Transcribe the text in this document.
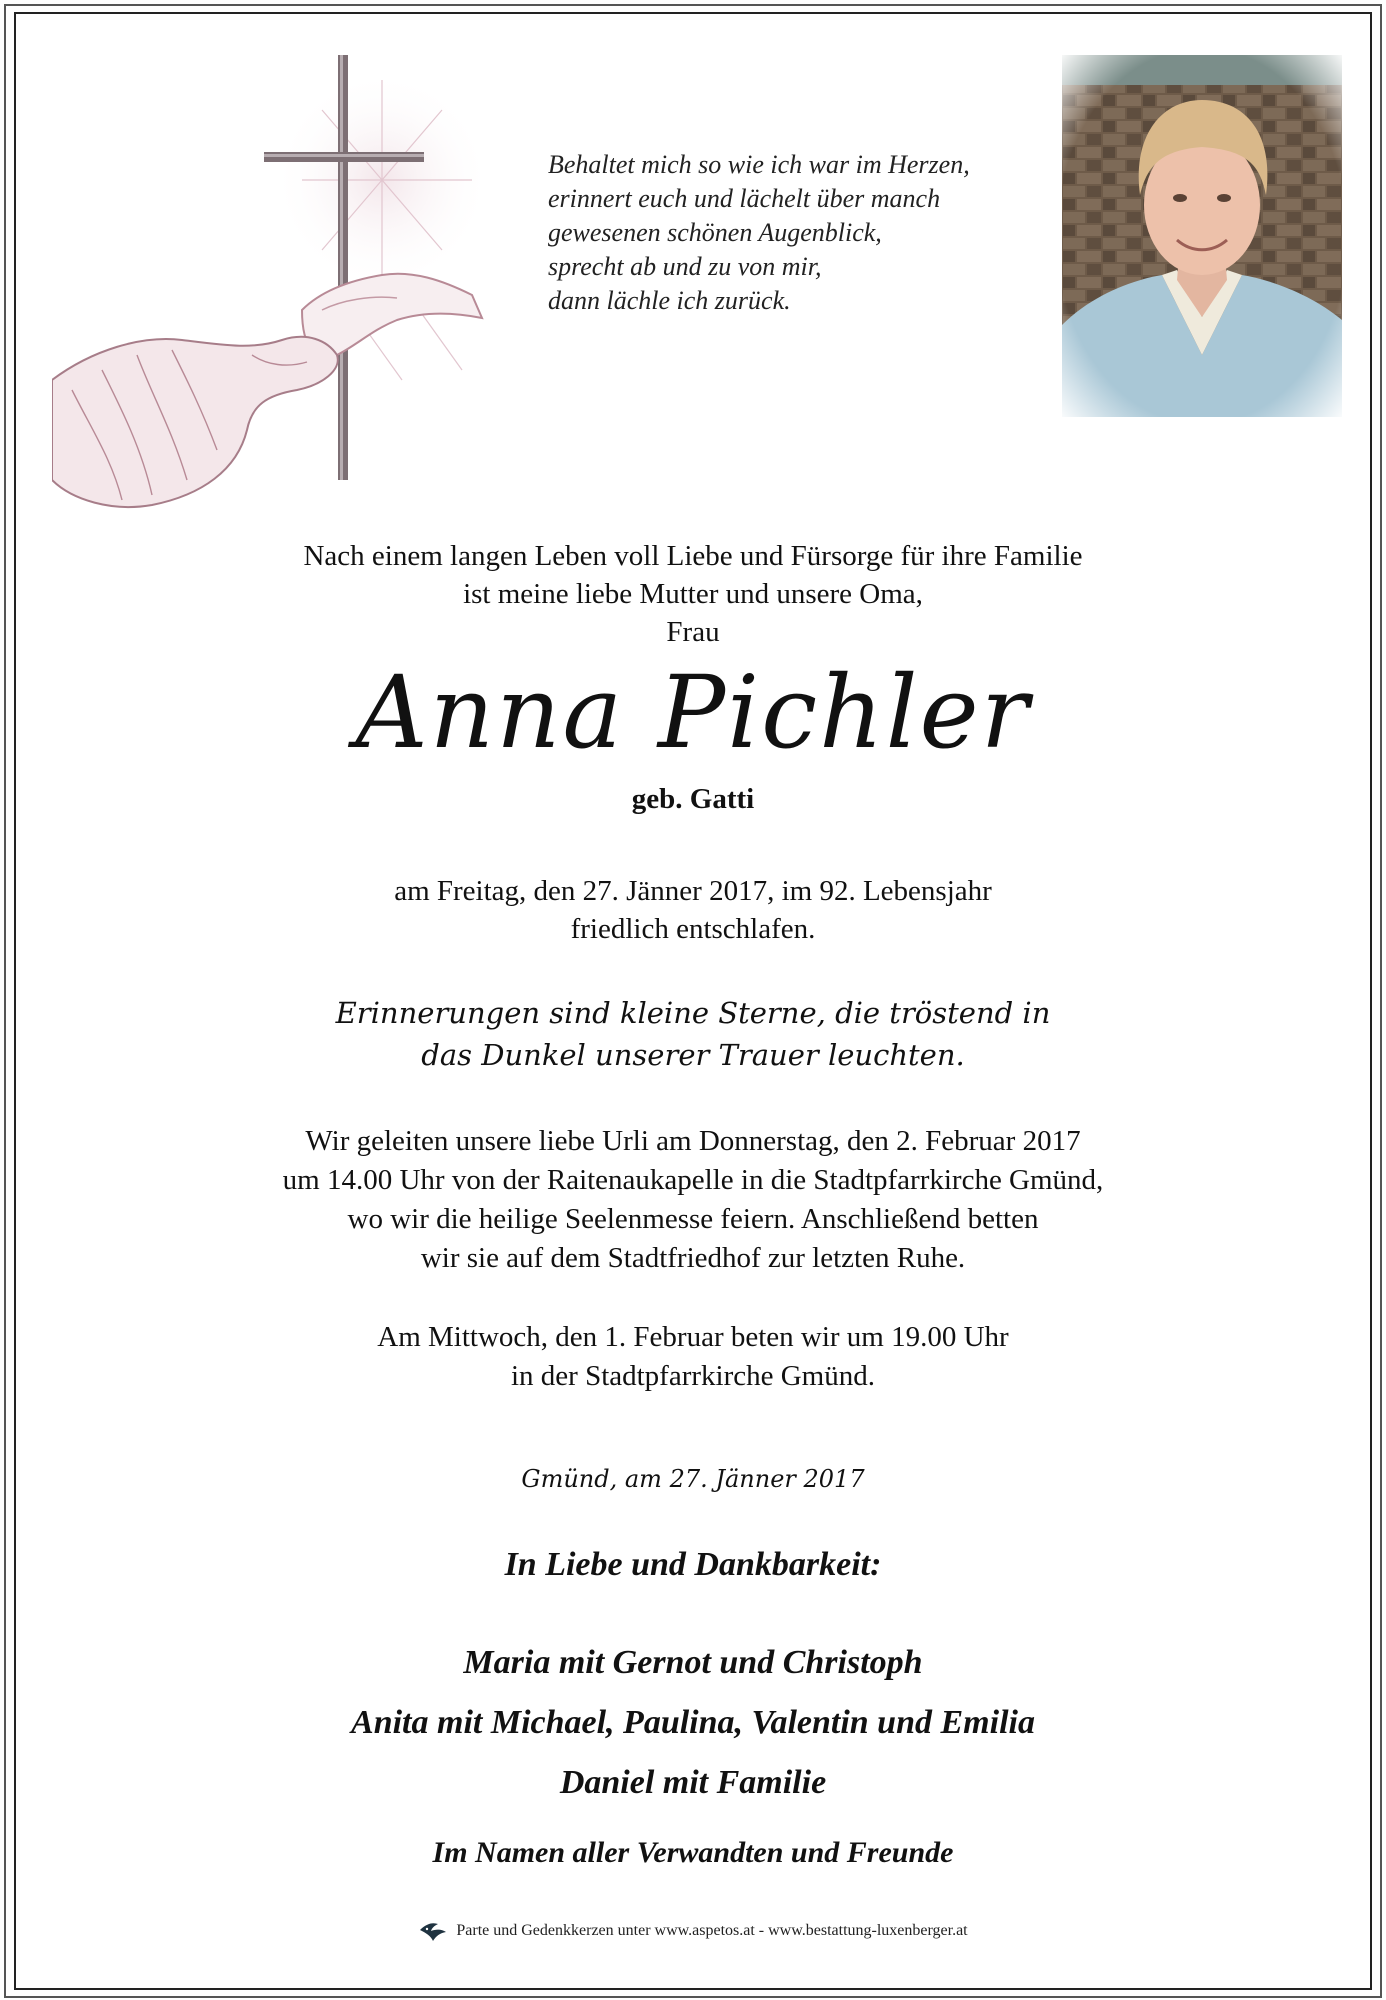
Behaltet mich so wie ich war im Herzen,
erinnert euch und lächelt über manch
gewesenen schönen Augenblick,
sprecht ab und zu von mir,
dann lächle ich zurück.
Nach einem langen Leben voll Liebe und Fürsorge für ihre Familie
ist meine liebe Mutter und unsere Oma,
Frau
Anna Pichler
geb. Gatti
am Freitag, den 27. Jänner 2017, im 92. Lebensjahr
friedlich entschlafen.
Erinnerungen sind kleine Sterne, die tröstend in
das Dunkel unserer Trauer leuchten.
Wir geleiten unsere liebe Urli am Donnerstag, den 2. Februar 2017
um 14.00 Uhr von der Raitenaukapelle in die Stadtpfarrkirche Gmünd,
wo wir die heilige Seelenmesse feiern. Anschließend betten
wir sie auf dem Stadtfriedhof zur letzten Ruhe.
Am Mittwoch, den 1. Februar beten wir um 19.00 Uhr
in der Stadtpfarrkirche Gmünd.
Gmünd, am 27. Jänner 2017
In Liebe und Dankbarkeit:
Maria mit Gernot und Christoph
Anita mit Michael, Paulina, Valentin und Emilia
Daniel mit Familie
Im Namen aller Verwandten und Freunde
Parte und Gedenkkerzen unter www.aspetos.at - www.bestattung-luxenberger.at
